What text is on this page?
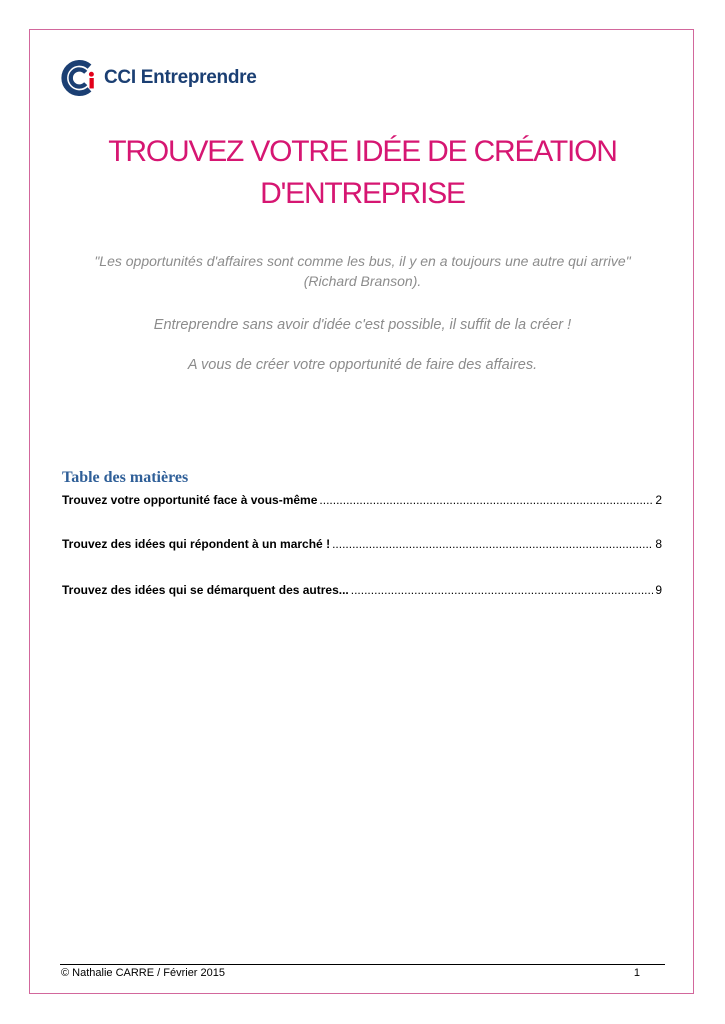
CCI Entreprendre
TROUVEZ VOTRE IDÉE DE CRÉATION
D'ENTREPRISE
"Les opportunités d'affaires sont comme les bus, il y en a toujours une autre qui arrive"
(Richard Branson).
Entreprendre sans avoir d'idée c'est possible, il suffit de la créer !
A vous de créer votre opportunité de faire des affaires.
Table des matières
Trouvez votre opportunité face à vous-même .....	2
Trouvez des idées qui répondent à un marché ! .....	8
Trouvez des idées qui se démarquent des autres... .....	9
© Nathalie CARRE / Février 2015	1
